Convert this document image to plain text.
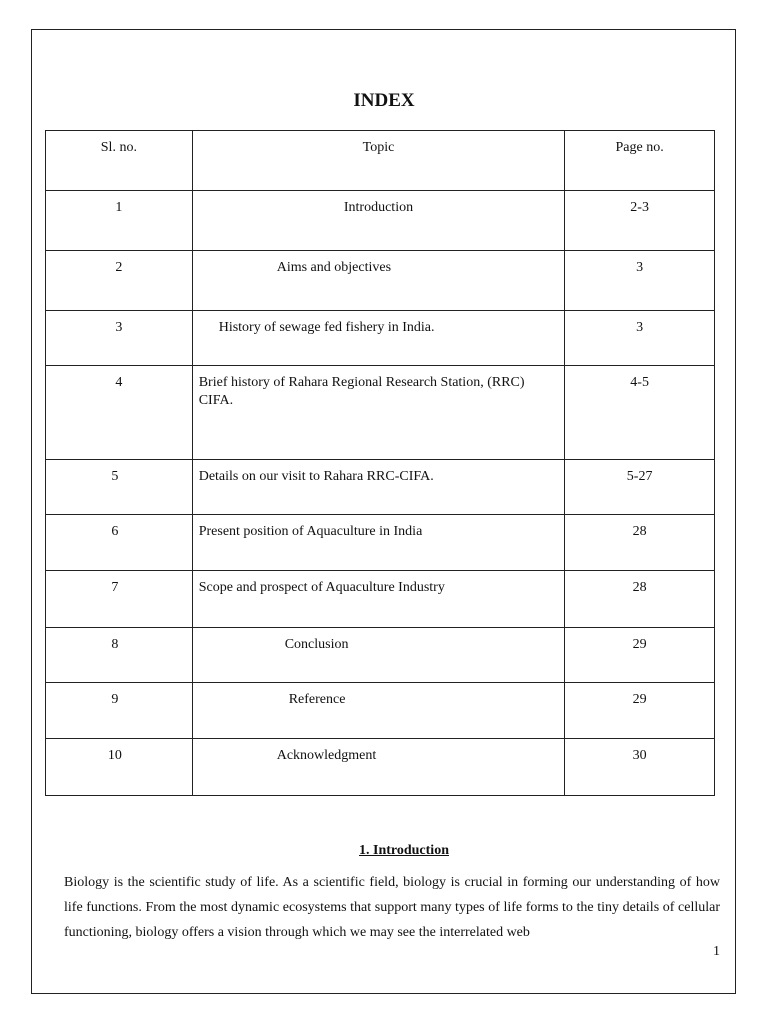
INDEX
Sl. no.	Topic	Page no.
1	Introduction	2-3
2	Aims and objectives	3
3	History of sewage fed fishery in India.	3
4	Brief history of Rahara Regional Research Station, (RRC) CIFA.	4-5
5	Details on our visit to Rahara RRC-CIFA.	5-27
6	Present position of Aquaculture in India	28
7	Scope and prospect of Aquaculture Industry	28
8	Conclusion	29
9	Reference	29
10	Acknowledgment	30
1. Introduction
Biology is the scientific study of life. As a scientific field, biology is crucial in forming our understanding of how life functions. From the most dynamic ecosystems that support many types of life forms to the tiny details of cellular functioning, biology offers a vision through which we may see the interrelated web
1
